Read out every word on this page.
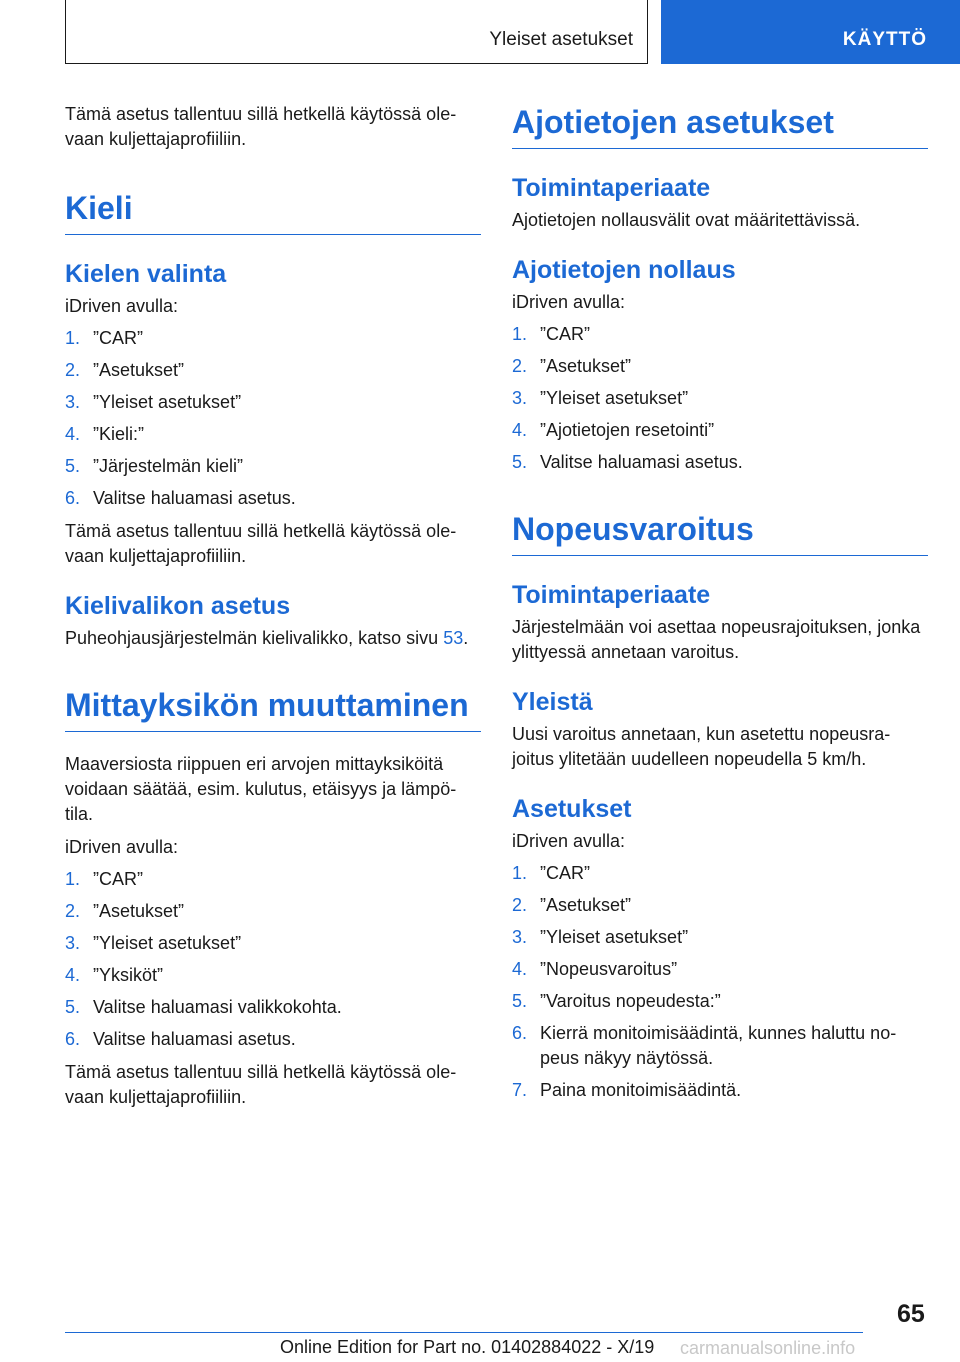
Yleiset asetukset	KÄYTTÖ

Tämä asetus tallentuu sillä hetkellä käytössä ole-vaan kuljettajaprofiiliin.

Kieli
Kielen valinta

iDriven avulla:

1. ”CAR”
2. ”Asetukset”
3. ”Yleiset asetukset”
4. ”Kieli:”
5. ”Järjestelmän kieli”
6. Valitse haluamasi asetus.

Tämä asetus tallentuu sillä hetkellä käytössä ole-vaan kuljettajaprofiiliin.

Kielivalikon asetus

Puheohjausjärjestelmän kielivalikko, katso sivu 53.

Mittayksikön muuttaminen

Maaversiosta riippuen eri arvojen mittayksiköitä voidaan säätää, esim. kulutus, etäisyys ja lämpö-tila.

iDriven avulla:

1. ”CAR”
2. ”Asetukset”
3. ”Yleiset asetukset”
4. ”Yksiköt”
5. Valitse haluamasi valikkokohta.
6. Valitse haluamasi asetus.

Tämä asetus tallentuu sillä hetkellä käytössä ole-vaan kuljettajaprofiiliin.

Ajotietojen asetukset
Toimintaperiaate

Ajotietojen nollausvälit ovat määritettävissä.

Ajotietojen nollaus

iDriven avulla:

1. ”CAR”
2. ”Asetukset”
3. ”Yleiset asetukset”
4. ”Ajotietojen resetointi”
5. Valitse haluamasi asetus.
Nopeusvaroitus
Toimintaperiaate

Järjestelmään voi asettaa nopeusrajoituksen, jonka ylittyessä annetaan varoitus.

Yleistä

Uusi varoitus annetaan, kun asetettu nopeusra-joitus ylitetään uudelleen nopeudella 5 km/h.

Asetukset

iDriven avulla:

1. ”CAR”
2. ”Asetukset”
3. ”Yleiset asetukset”
4. ”Nopeusvaroitus”
5. ”Varoitus nopeudesta:”
6. Kierrä monitoimisäädintä, kunnes haluttu no-peus näkyy näytössä.
7. Paina monitoimisäädintä.
65
Online Edition for Part no. 01402884022 - X/19 carmanualsonline.info
